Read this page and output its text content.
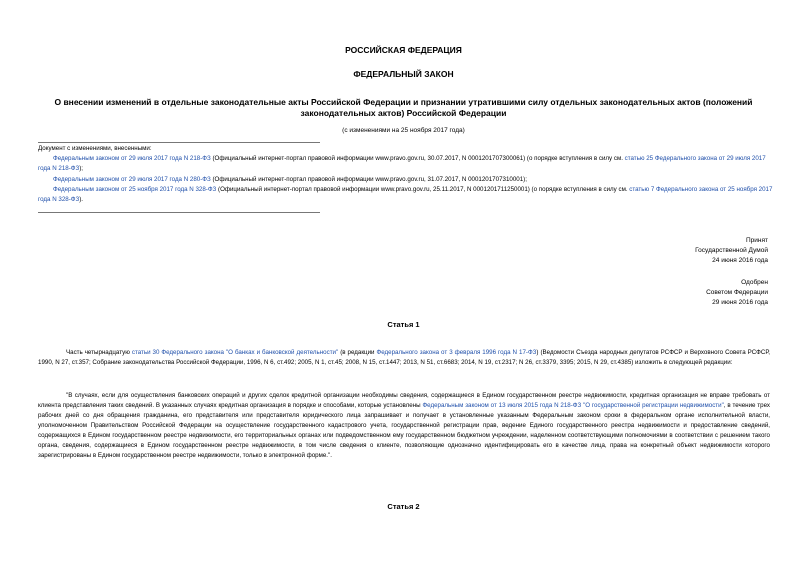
РОССИЙСКАЯ ФЕДЕРАЦИЯ
ФЕДЕРАЛЬНЫЙ ЗАКОН
О внесении изменений в отдельные законодательные акты Российской Федерации и признании утратившими силу отдельных законодательных актов (положений законодательных актов) Российской Федерации
(с изменениями на 25 ноября 2017 года)

Документ с изменениями, внесенными:

Федеральным законом от 29 июля 2017 года N 218-ФЗ (Официальный интернет-портал правовой информации www.pravo.gov.ru, 30.07.2017, N 0001201707300061) (о порядке вступления в силу см. статью 25 Федерального закона от 29 июля 2017 года N 218-ФЗ);

Федеральным законом от 29 июля 2017 года N 280-ФЗ (Официальный интернет-портал правовой информации www.pravo.gov.ru, 31.07.2017, N 0001201707310001);

Федеральным законом от 25 ноября 2017 года N 328-ФЗ (Официальный интернет-портал правовой информации www.pravo.gov.ru, 25.11.2017, N 0001201711250001) (о порядке вступления в силу см. статью 7 Федерального закона от 25 ноября 2017 года N 328-ФЗ).

Принят
Государственной Думой
24 июня 2016 года
Одобрен
Советом Федерации
29 июня 2016 года
Статья 1

Часть четырнадцатую статьи 30 Федерального закона "О банках и банковской деятельности" (в редакции Федерального закона от 3 февраля 1996 года N 17-ФЗ) (Ведомости Съезда народных депутатов РСФСР и Верховного Совета РСФСР, 1990, N 27, ст.357; Собрание законодательства Российской Федерации, 1996, N 6, ст.492; 2005, N 1, ст.45; 2008, N 15, ст.1447; 2013, N 51, ст.6683; 2014, N 19, ст.2317; N 26, ст.3379, 3395; 2015, N 29, ст.4385) изложить в следующей редакции:

"В случаях, если для осуществления банковских операций и других сделок кредитной организации необходимы сведения, содержащиеся в Едином государственном реестре недвижимости, кредитная организация не вправе требовать от клиента представления таких сведений. В указанных случаях кредитная организация в порядке и способами, которые установлены Федеральным законом от 13 июля 2015 года N 218-ФЗ "О государственной регистрации недвижимости", в течение трех рабочих дней со дня обращения гражданина, его представителя или представителя юридического лица запрашивает и получает в установленные указанным Федеральным законом сроки в федеральном органе исполнительной власти, уполномоченном Правительством Российской Федерации на осуществление государственного кадастрового учета, государственной регистрации прав, ведение Единого государственного реестра недвижимости и предоставление сведений, содержащихся в Едином государственном реестре недвижимости, его территориальных органах или подведомственном ему государственном бюджетном учреждении, наделенном соответствующими полномочиями в соответствии с решением такого органа, сведения, содержащиеся в Едином государственном реестре недвижимости, в том числе сведения о клиенте, позволяющие однозначно идентифицировать его в качестве лица, права на конкретный объект недвижимости которого зарегистрированы в Едином государственном реестре недвижимости, только в электронной форме.".

Статья 2
